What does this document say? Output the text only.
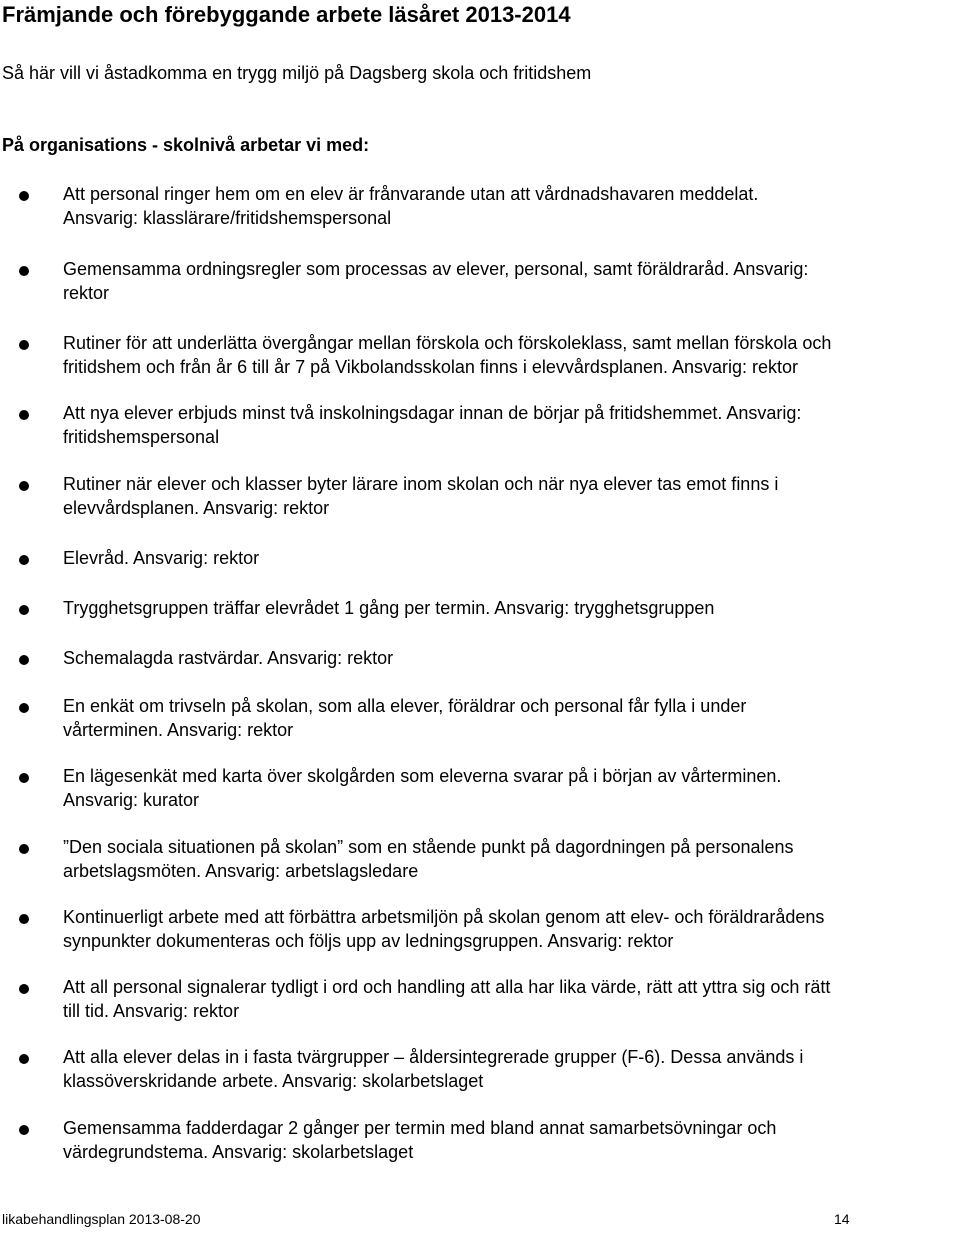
Främjande och förebyggande arbete läsåret 2013-2014

Så här vill vi åstadkomma en trygg miljö på Dagsberg skola och fritidshem

På organisations - skolnivå arbetar vi med:

Att personal ringer hem om en elev är frånvarande utan att vårdnadshavaren meddelat.
Ansvarig: klasslärare/fritidshemspersonal

Gemensamma ordningsregler som processas av elever, personal, samt föräldraråd. Ansvarig:
rektor

Rutiner för att underlätta övergångar mellan förskola och förskoleklass, samt mellan förskola och
fritidshem och från år 6 till år 7 på Vikbolandsskolan finns i elevvårdsplanen. Ansvarig: rektor

Att nya elever erbjuds minst två inskolningsdagar innan de börjar på fritidshemmet. Ansvarig:
fritidshemspersonal

Rutiner när elever och klasser byter lärare inom skolan och när nya elever tas emot finns i
elevvårdsplanen. Ansvarig: rektor

Elevråd. Ansvarig: rektor

Trygghetsgruppen träffar elevrådet 1 gång per termin. Ansvarig: trygghetsgruppen

Schemalagda rastvärdar. Ansvarig: rektor

En enkät om trivseln på skolan, som alla elever, föräldrar och personal får fylla i under
vårterminen. Ansvarig: rektor

En lägesenkät med karta över skolgården som eleverna svarar på i början av vårterminen.
Ansvarig: kurator

”Den sociala situationen på skolan” som en stående punkt på dagordningen på personalens
arbetslagsmöten. Ansvarig: arbetslagsledare

Kontinuerligt arbete med att förbättra arbetsmiljön på skolan genom att elev- och föräldrarådens
synpunkter dokumenteras och följs upp av ledningsgruppen. Ansvarig: rektor

Att all personal signalerar tydligt i ord och handling att alla har lika värde, rätt att yttra sig och rätt
till tid. Ansvarig: rektor

Att alla elever delas in i fasta tvärgrupper – åldersintegrerade grupper (F-6). Dessa används i
klassöverskridande arbete. Ansvarig: skolarbetslaget

Gemensamma fadderdagar 2 gånger per termin med bland annat samarbetsövningar och
värdegrundstema. Ansvarig: skolarbetslaget

likabehandlingsplan 2013-08-20	14
